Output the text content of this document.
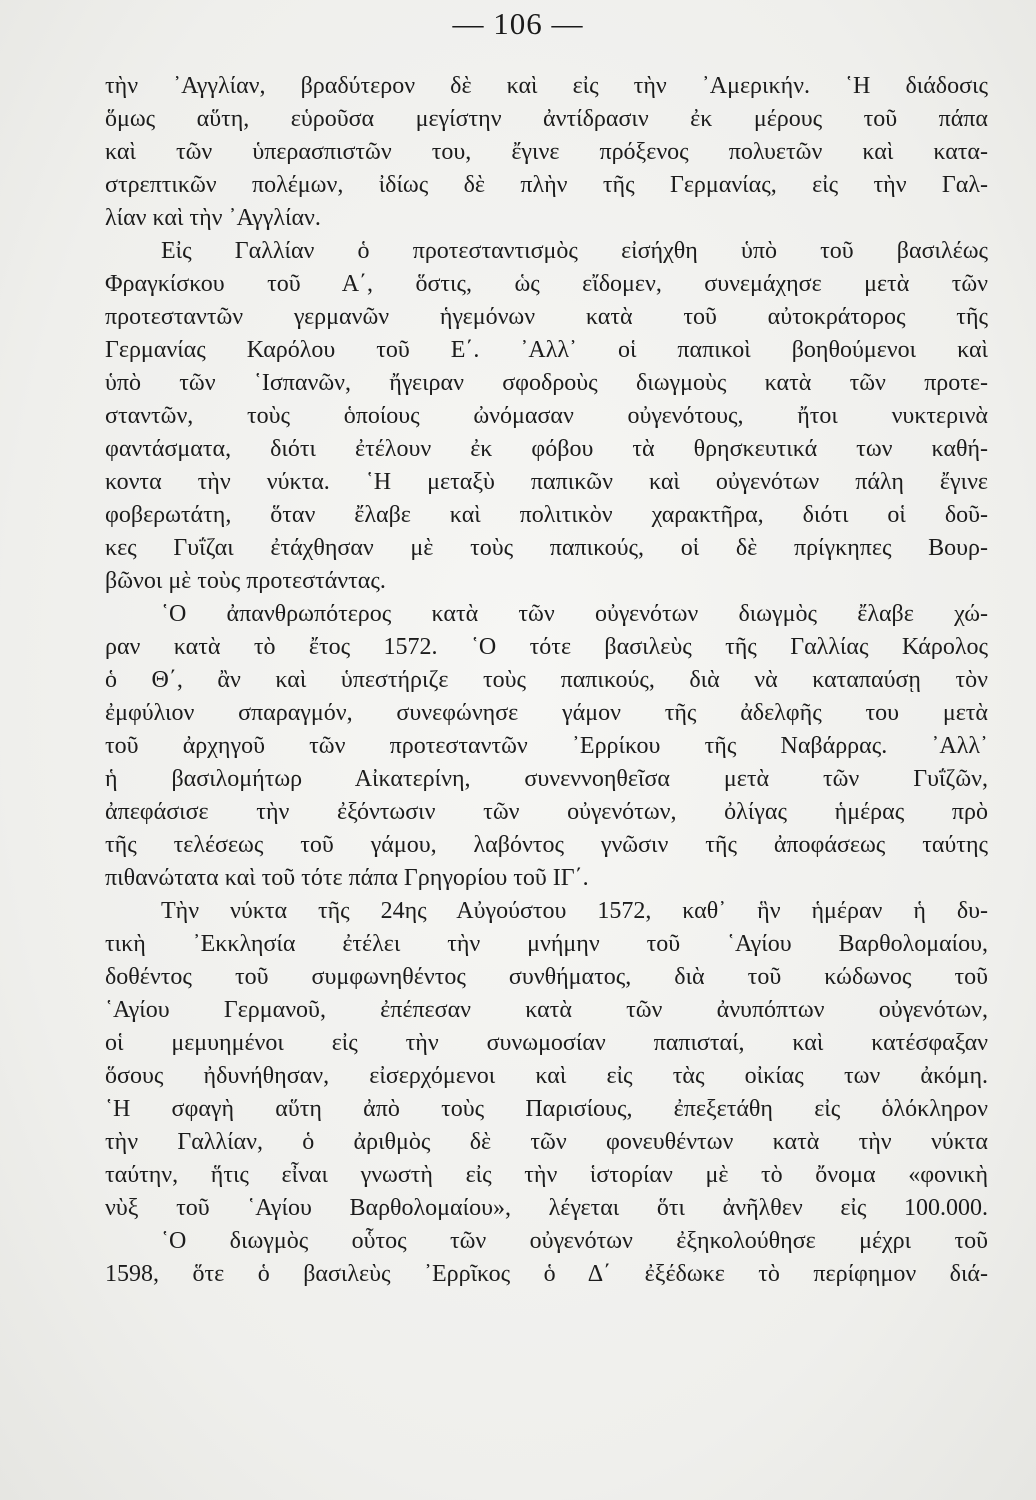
— 106 —
τὴν ᾿Αγγλίαν, βραδύτερον δὲ καὶ εἰς τὴν ᾿Αμερικήν. ῾Η διάδοσις
ὅμως αὕτη, εὑροῦσα μεγίστην ἀντίδρασιν ἐκ μέρους τοῦ πάπα
καὶ τῶν ὑπερασπιστῶν του, ἔγινε πρόξενος πολυετῶν καὶ κατα-
στρεπτικῶν πολέμων, ἰδίως δὲ πλὴν τῆς Γερμανίας, εἰς τὴν Γαλ-
λίαν καὶ τὴν ᾿Αγγλίαν.
Εἰς Γαλλίαν ὁ προτεσταντισμὸς εἰσήχθη ὑπὸ τοῦ βασιλέως
Φραγκίσκου τοῦ Α΄, ὅστις, ὡς εἴδομεν, συνεμάχησε μετὰ τῶν
προτεσταντῶν γερμανῶν ἡγεμόνων κατὰ τοῦ αὐτοκράτορος τῆς
Γερμανίας Καρόλου τοῦ Ε΄. ᾿Αλλ᾿ οἱ παπικοὶ βοηθούμενοι καὶ
ὑπὸ τῶν ῾Ισπανῶν, ἤγειραν σφοδροὺς διωγμοὺς κατὰ τῶν προτε-
σταντῶν, τοὺς ὁποίους ὠνόμασαν οὐγενότους, ἤτοι νυκτερινὰ
φαντάσματα, διότι ἐτέλουν ἐκ φόβου τὰ θρησκευτικά των καθή-
κοντα τὴν νύκτα. ῾Η μεταξὺ παπικῶν καὶ οὐγενότων πάλη ἔγινε
φοβερωτάτη, ὅταν ἔλαβε καὶ πολιτικὸν χαρακτῆρα, διότι οἱ δοῦ-
κες Γυΐζαι ἐτάχθησαν μὲ τοὺς παπικούς, οἱ δὲ πρίγκηπες Βουρ-
βῶνοι μὲ τοὺς προτεστάντας.
῾Ο ἀπανθρωπότερος κατὰ τῶν οὐγενότων διωγμὸς ἔλαβε χώ-
ραν κατὰ τὸ ἔτος 1572. ῾Ο τότε βασιλεὺς τῆς Γαλλίας Κάρολος
ὁ Θ΄, ἂν καὶ ὑπεστήριζε τοὺς παπικούς, διὰ νὰ καταπαύσῃ τὸν
ἐμφύλιον σπαραγμόν, συνεφώνησε γάμον τῆς ἀδελφῆς του μετὰ
τοῦ ἀρχηγοῦ τῶν προτεσταντῶν ᾿Ερρίκου τῆς Ναβάρρας. ᾿Αλλ᾿
ἡ βασιλομήτωρ Αἰκατερίνη, συνεννοηθεῖσα μετὰ τῶν Γυΐζῶν,
ἀπεφάσισε τὴν ἐξόντωσιν τῶν οὐγενότων, ὀλίγας ἡμέρας πρὸ
τῆς τελέσεως τοῦ γάμου, λαβόντος γνῶσιν τῆς ἀποφάσεως ταύτης
πιθανώτατα καὶ τοῦ τότε πάπα Γρηγορίου τοῦ ΙΓ΄.
Τὴν νύκτα τῆς 24ης Αὐγούστου 1572, καθ᾿ ἣν ἡμέραν ἡ δυ-
τικὴ ᾿Εκκλησία ἐτέλει τὴν μνήμην τοῦ ῾Αγίου Βαρθολομαίου,
δοθέντος τοῦ συμφωνηθέντος συνθήματος, διὰ τοῦ κώδωνος τοῦ
῾Αγίου Γερμανοῦ, ἐπέπεσαν κατὰ τῶν ἀνυπόπτων οὐγενότων,
οἱ μεμυημένοι εἰς τὴν συνωμοσίαν παπισταί, καὶ κατέσφαξαν
ὅσους ἠδυνήθησαν, εἰσερχόμενοι καὶ εἰς τὰς οἰκίας των ἀκόμη.
῾Η σφαγὴ αὕτη ἀπὸ τοὺς Παρισίους, ἐπεξετάθη εἰς ὁλόκληρον
τὴν Γαλλίαν, ὁ ἀριθμὸς δὲ τῶν φονευθέντων κατὰ τὴν νύκτα
ταύτην, ἥτις εἶναι γνωστὴ εἰς τὴν ἱστορίαν μὲ τὸ ὄνομα «φονικὴ
νὺξ τοῦ ῾Αγίου Βαρθολομαίου», λέγεται ὅτι ἀνῆλθεν εἰς 100.000.
῾Ο διωγμὸς οὗτος τῶν οὐγενότων ἐξηκολούθησε μέχρι τοῦ
1598, ὅτε ὁ βασιλεὺς ᾿Ερρῖκος ὁ Δ΄ ἐξέδωκε τὸ περίφημον διά-
